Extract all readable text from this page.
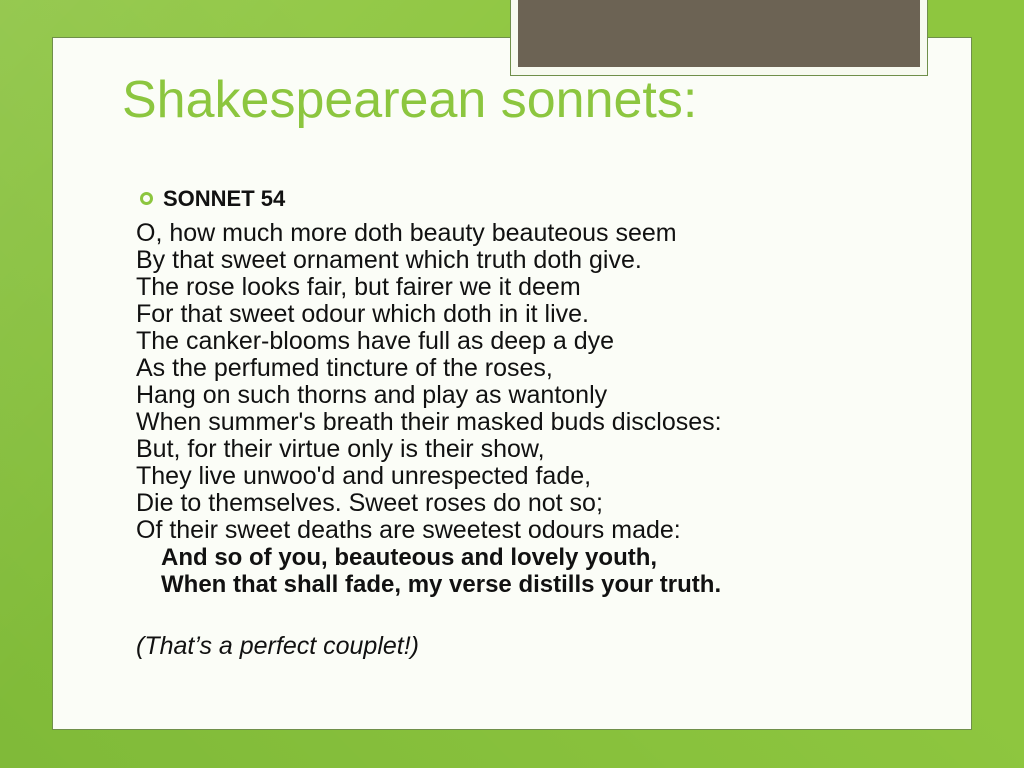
Shakespearean sonnets:
SONNET 54
O, how much more doth beauty beauteous seem
By that sweet ornament which truth doth give.
The rose looks fair, but fairer we it deem
For that sweet odour which doth in it live.
The canker-blooms have full as deep a dye
As the perfumed tincture of the roses,
Hang on such thorns and play as wantonly
When summer's breath their masked buds discloses:
But, for their virtue only is their show,
They live unwoo'd and unrespected fade,
Die to themselves. Sweet roses do not so;
Of their sweet deaths are sweetest odours made:
And so of you, beauteous and lovely youth,
When that shall fade, my verse distills your truth.
(That’s a perfect couplet!)
